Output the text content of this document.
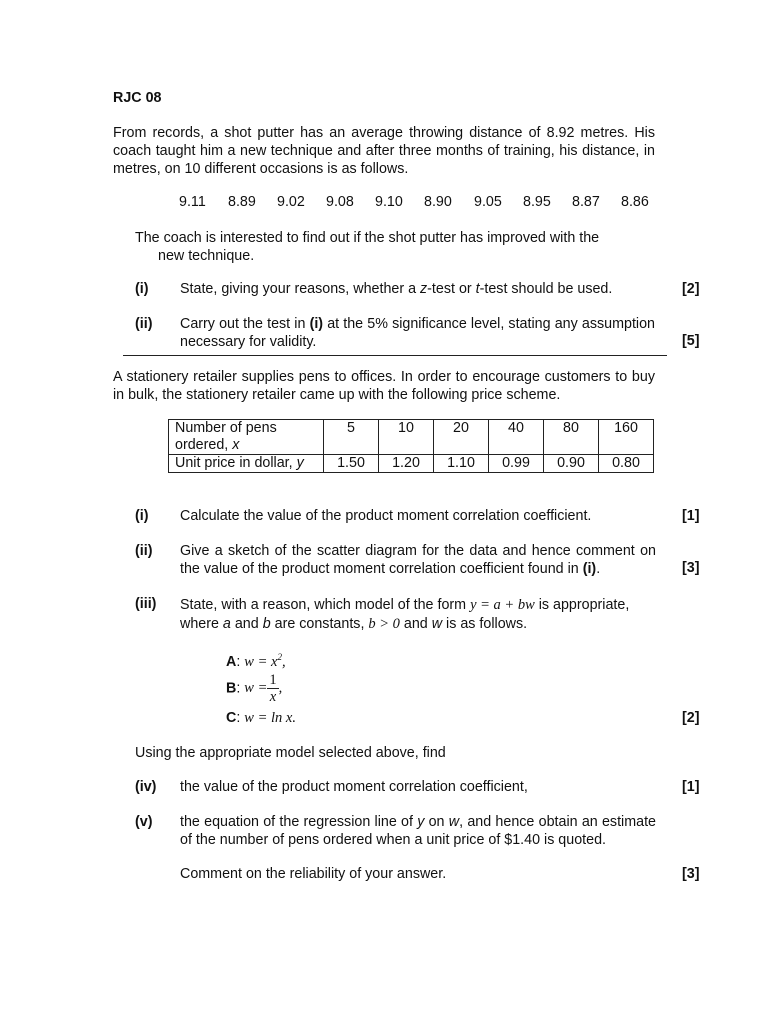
RJC 08
From records, a shot putter has an average throwing distance of 8.92 metres. His coach taught him a new technique and after three months of training, his distance, in metres, on 10 different occasions is as follows.
9.11 8.89 9.02 9.08 9.10 8.90 9.05 8.95 8.87 8.86
The coach is interested to find out if the shot putter has improved with the
new technique.
(i) State, giving your reasons, whether a z-test or t-test should be used.	[2]
(ii) Carry out the test in (i) at the 5% significance level, stating any assumption necessary for validity.	[5]
A stationery retailer supplies pens to offices. In order to encourage customers to buy in bulk, the stationery retailer came up with the following price scheme.
Number of pens
ordered, x	5	10	20	40	80	160
Unit price in dollar, y	1.50	1.20	1.10	0.99	0.90	0.80
(i) Calculate the value of the product moment correlation coefficient.	[1]
(ii) Give a sketch of the scatter diagram for the data and hence comment on the value of the product moment correlation coefficient found in (i).	[3]
(iii) State, with a reason, which model of the form y = a + bw is appropriate,
where a and b are constants, b > 0 and w is as follows.
A: $w = x^2$,
B: $w = \frac{1}{x}$ ,
C: w = ln x.	[2]
Using the appropriate model selected above, find
(iv) the value of the product moment correlation coefficient,	[1]
(v) the equation of the regression line of y on w, and hence obtain an estimate of the number of pens ordered when a unit price of $1.40 is quoted.
Comment on the reliability of your answer.	[3]
